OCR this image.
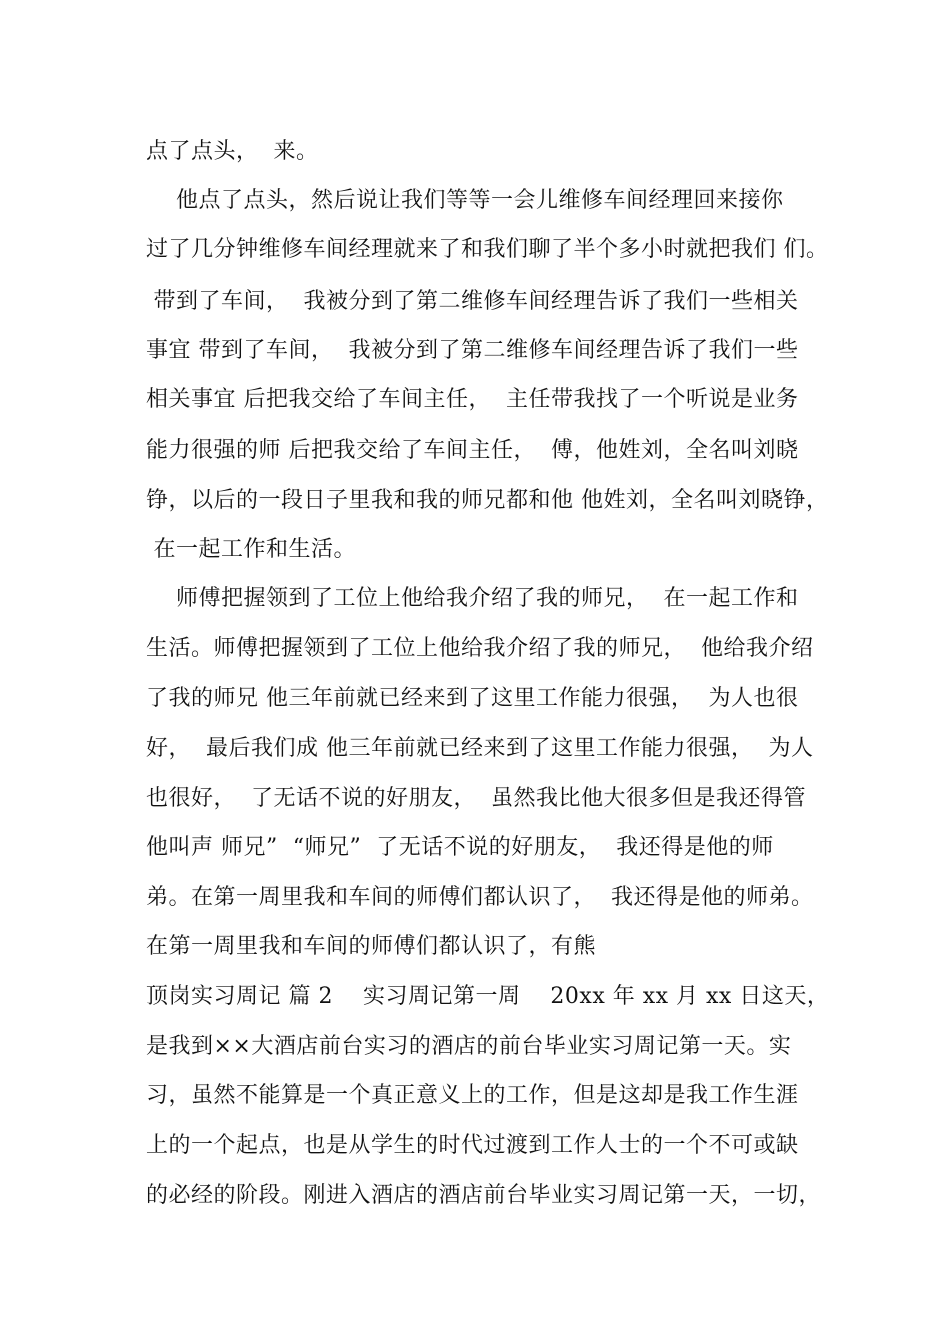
点了点头，  来。
他点了点头，然后说让我们等等一会儿维修车间经理回来接你
过了几分钟维修车间经理就来了和我们聊了半个多小时就把我们 们。
带到了车间，  我被分到了第二维修车间经理告诉了我们一些相关
事宜 带到了车间，  我被分到了第二维修车间经理告诉了我们一些
相关事宜 后把我交给了车间主任，  主任带我找了一个听说是业务
能力很强的师 后把我交给了车间主任，  傅，他姓刘，全名叫刘晓
铮，以后的一段日子里我和我的师兄都和他 他姓刘，全名叫刘晓铮，
在一起工作和生活。
师傅把握领到了工位上他给我介绍了我的师兄，  在一起工作和
生活。师傅把握领到了工位上他给我介绍了我的师兄，  他给我介绍
了我的师兄 他三年前就已经来到了这里工作能力很强，  为人也很
好，  最后我们成 他三年前就已经来到了这里工作能力很强，  为人
也很好，  了无话不说的好朋友，  虽然我比他大很多但是我还得管
他叫声 师兄”  “师兄”  了无话不说的好朋友，  我还得是他的师
弟。在第一周里我和车间的师傅们都认识了，  我还得是他的师弟。
在第一周里我和车间的师傅们都认识了，有熊
顶岗实习周记 篇 2    实习周记第一周    20xx 年 xx 月 xx 日这天，
是我到××大酒店前台实习的酒店的前台毕业实习周记第一天。实
习，虽然不能算是一个真正意义上的工作，但是这却是我工作生涯
上的一个起点，也是从学生的时代过渡到工作人士的一个不可或缺
的必经的阶段。刚进入酒店的酒店前台毕业实习周记第一天，一切，
